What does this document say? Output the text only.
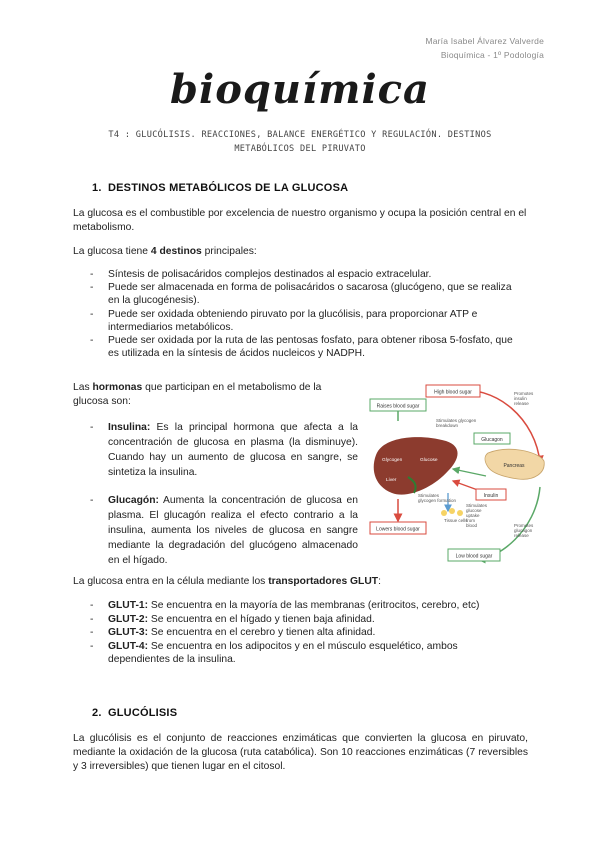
María Isabel Álvarez Valverde
Bioquímica - 1º Podología
bioquímica
T4 : GLUCÓLISIS. REACCIONES, BALANCE ENERGÉTICO Y REGULACIÓN. DESTINOS
METABÓLICOS DEL PIRUVATO
1. DESTINOS METABÓLICOS DE LA GLUCOSA
La glucosa es el combustible por excelencia de nuestro organismo y ocupa la posición central en el metabolismo.
La glucosa tiene 4 destinos principales:
- Síntesis de polisacáridos complejos destinados al espacio extracelular.
- Puede ser almacenada en forma de polisacáridos o sacarosa (glucógeno, que se realiza en la glucogénesis).
- Puede ser oxidada obteniendo piruvato por la glucólisis, para proporcionar ATP e intermediarios metabólicos.
- Puede ser oxidada por la ruta de las pentosas fosfato, para obtener ribosa 5-fosfato, que es utilizada en la síntesis de ácidos nucleicos y NADPH.
Las hormonas que participan en el metabolismo de la glucosa son:
- Insulina: Es la principal hormona que afecta a la concentración de glucosa en plasma (la disminuye). Cuando hay un aumento de glucosa en sangre, se sintetiza la insulina.
- Glucagón: Aumenta la concentración de glucosa en plasma. El glucagón realiza el efecto contrario a la insulina, aumenta los niveles de glucosa en sangre mediante la degradación del glucógeno almacenado en el hígado.
Raises blood sugar
High blood sugar	Promotes
insulin
release
Stimulates glycogen
breakdown
Glucagon
Glycogen	Glucose
Liver
Pancreas
Insulin
Stimulates
glycogen formation
Tissue cells
Stimulates
glucose
uptake
from
blood
Lowers blood sugar
Promotes
glucagon
release
Low blood sugar
La glucosa entra en la célula mediante los transportadores GLUT:
- GLUT-1: Se encuentra en la mayoría de las membranas (eritrocitos, cerebro, etc)
- GLUT-2: Se encuentra en el hígado y tienen baja afinidad.
- GLUT-3: Se encuentra en el cerebro y tienen alta afinidad.
- GLUT-4: Se encuentra en los adipocitos y en el músculo esquelético, ambos dependientes de la insulina.
2. GLUCÓLISIS
La glucólisis es el conjunto de reacciones enzimáticas que convierten la glucosa en piruvato, mediante la oxidación de la glucosa (ruta catabólica). Son 10 reacciones enzimáticas (7 reversibles y 3 irreversibles) que tienen lugar en el citosol.
